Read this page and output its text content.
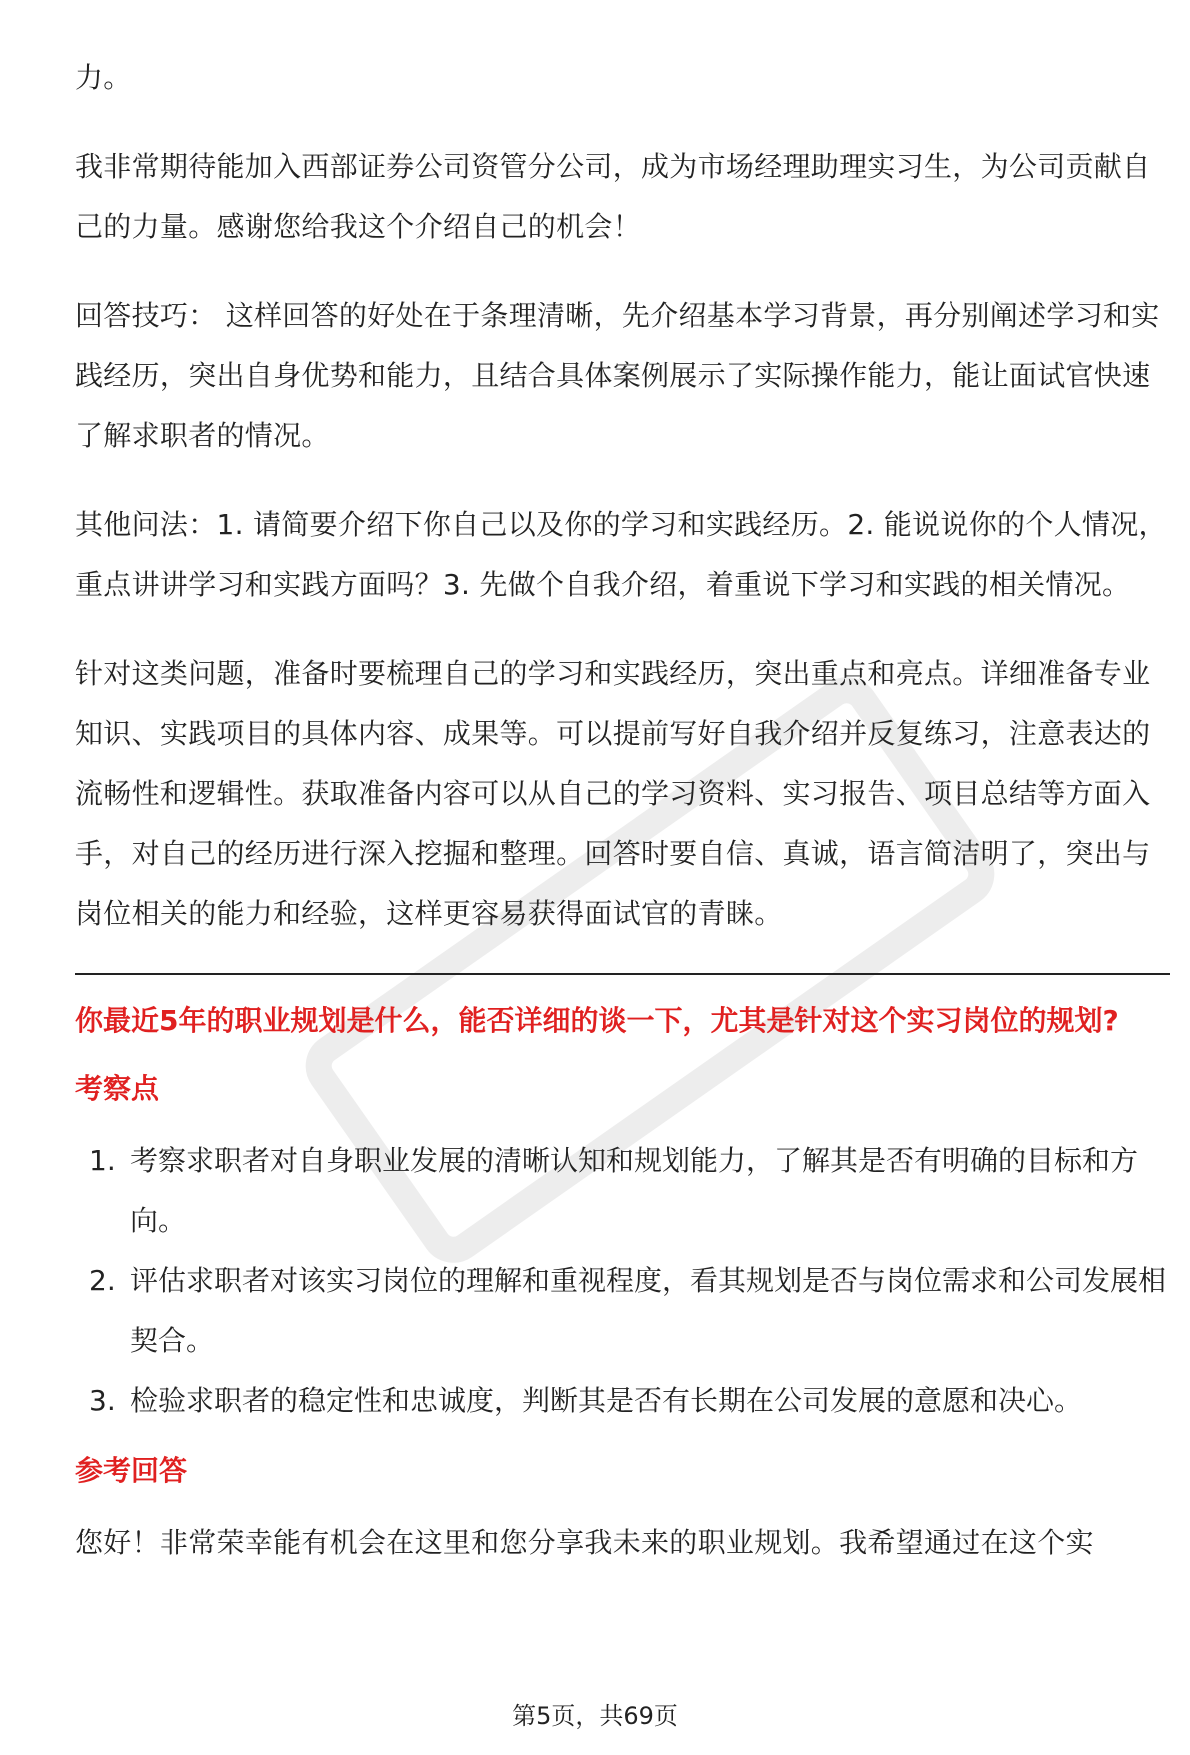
力。

我非常期待能加入西部证券公司资管分公司，成为市场经理助理实习生，为公司贡献自己的力量。感谢您给我这个介绍自己的机会！

回答技巧： 这样回答的好处在于条理清晰，先介绍基本学习背景，再分别阐述学习和实践经历，突出自身优势和能力，且结合具体案例展示了实际操作能力，能让面试官快速了解求职者的情况。

其他问法：1. 请简要介绍下你自己以及你的学习和实践经历。2. 能说说你的个人情况，重点讲讲学习和实践方面吗？3. 先做个自我介绍，着重说下学习和实践的相关情况。

针对这类问题，准备时要梳理自己的学习和实践经历，突出重点和亮点。详细准备专业知识、实践项目的具体内容、成果等。可以提前写好自我介绍并反复练习，注意表达的流畅性和逻辑性。获取准备内容可以从自己的学习资料、实习报告、项目总结等方面入手，对自己的经历进行深入挖掘和整理。回答时要自信、真诚，语言简洁明了，突出与岗位相关的能力和经验，这样更容易获得面试官的青睐。

你最近5年的职业规划是什么，能否详细的谈一下，尤其是针对这个实习岗位的规划?
考察点
1. 考察求职者对自身职业发展的清晰认知和规划能力，了解其是否有明确的目标和方向。
2. 评估求职者对该实习岗位的理解和重视程度，看其规划是否与岗位需求和公司发展相契合。
3. 检验求职者的稳定性和忠诚度，判断其是否有长期在公司发展的意愿和决心。
参考回答

您好！非常荣幸能有机会在这里和您分享我未来的职业规划。我希望通过在这个实

第5页，共69页
